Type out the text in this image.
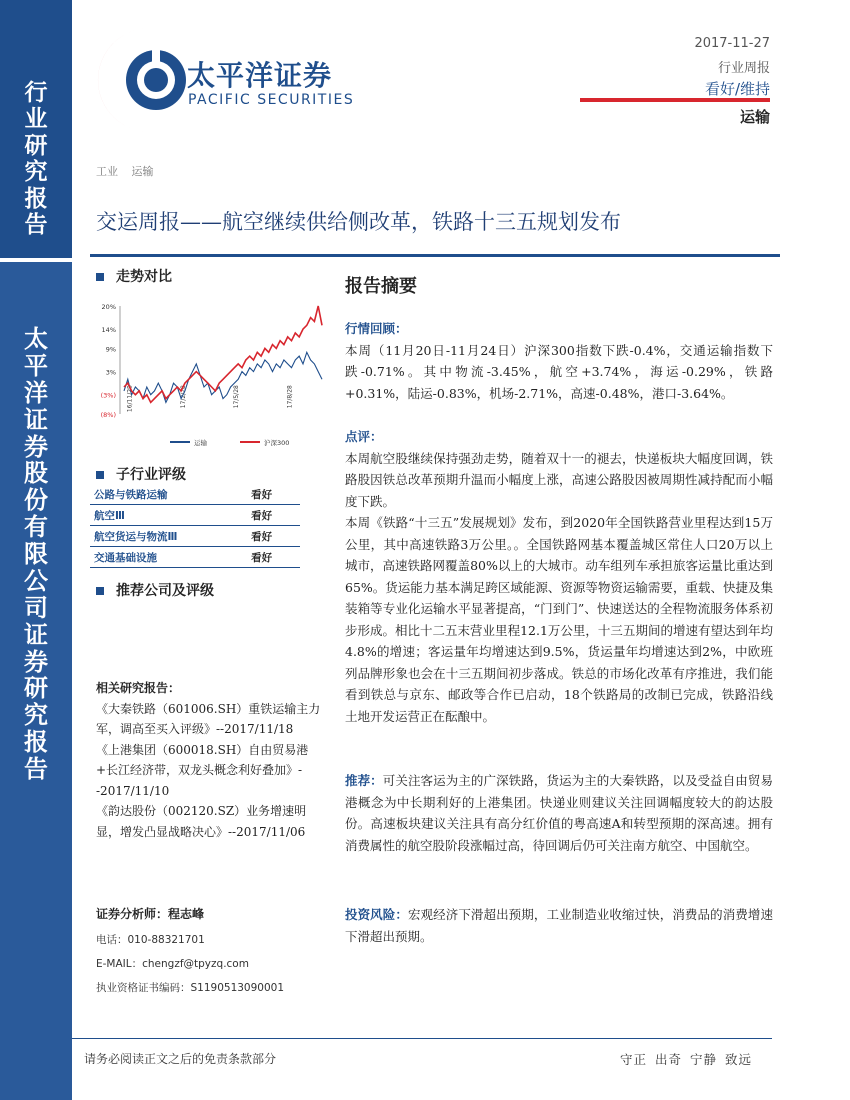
行
业
研
究
报
告
太
平
洋
证
券
股
份
有
限
公
司
证
券
研
究
报
告
太平洋证券
PACIFIC SECURITIES
2017-11-27
行业周报
看好/维持
运输
工业 运输
交运周报——航空继续供给侧改革，铁路十三五规划发布
走势对比
20%
14%
9%
3%
(3%)
(8%)
16/11/28	17/2/28	17/5/28	17/8/28
运输	沪深300
子行业评级
公路与铁路运输	看好
航空Ⅲ	看好
航空货运与物流Ⅲ	看好
交通基础设施	看好
推荐公司及评级
相关研究报告：
《大秦铁路（601006.SH）重铁运输主力军，调高至买入评级》--2017/11/18
《上港集团（600018.SH）自由贸易港+长江经济带，双龙头概念利好叠加》--2017/11/10
《韵达股份（002120.SZ）业务增速明显，增发凸显战略决心》--2017/11/06
证券分析师：程志峰
电话：010-88321701
E-MAIL：chengzf@tpyzq.com
执业资格证书编码：S1190513090001
报告摘要
行情回顾：
本周（11月20日-11月24日）沪深300指数下跌-0.4%，交通运输指数下跌-0.71%。其中物流-3.45%，航空+3.74%，海运-0.29%，铁路+0.31%，陆运-0.83%，机场-2.71%，高速-0.48%，港口-3.64%。
点评：
本周航空股继续保持强劲走势，随着双十一的褪去，快递板块大幅度回调，铁路股因铁总改革预期升温而小幅度上涨，高速公路股因被周期性减持配而小幅度下跌。
本周《铁路“十三五”发展规划》发布，到2020年全国铁路营业里程达到15万公里，其中高速铁路3万公里。。全国铁路网基本覆盖城区常住人口20万以上城市，高速铁路网覆盖80%以上的大城市。动车组列车承担旅客运量比重达到65%。货运能力基本满足跨区域能源、资源等物资运输需要，重载、快捷及集装箱等专业化运输水平显著提高，“门到门”、快速送达的全程物流服务体系初步形成。相比十二五末营业里程12.1万公里，十三五期间的增速有望达到年均4.8%的增速；客运量年均增速达到9.5%，货运量年均增速达到2%，中欧班列品牌形象也会在十三五期间初步落成。铁总的市场化改革有序推进，我们能看到铁总与京东、邮政等合作已启动，18个铁路局的改制已完成，铁路沿线土地开发运营正在酝酿中。
推荐：可关注客运为主的广深铁路，货运为主的大秦铁路，以及受益自由贸易港概念为中长期利好的上港集团。快递业则建议关注回调幅度较大的韵达股份。高速板块建议关注具有高分红价值的粤高速A和转型预期的深高速。拥有消费属性的航空股阶段涨幅过高，待回调后仍可关注南方航空、中国航空。
投资风险：宏观经济下滑超出预期，工业制造业收缩过快，消费品的消费增速下滑超出预期。
请务必阅读正文之后的免责条款部分	守正 出奇 宁静 致远
